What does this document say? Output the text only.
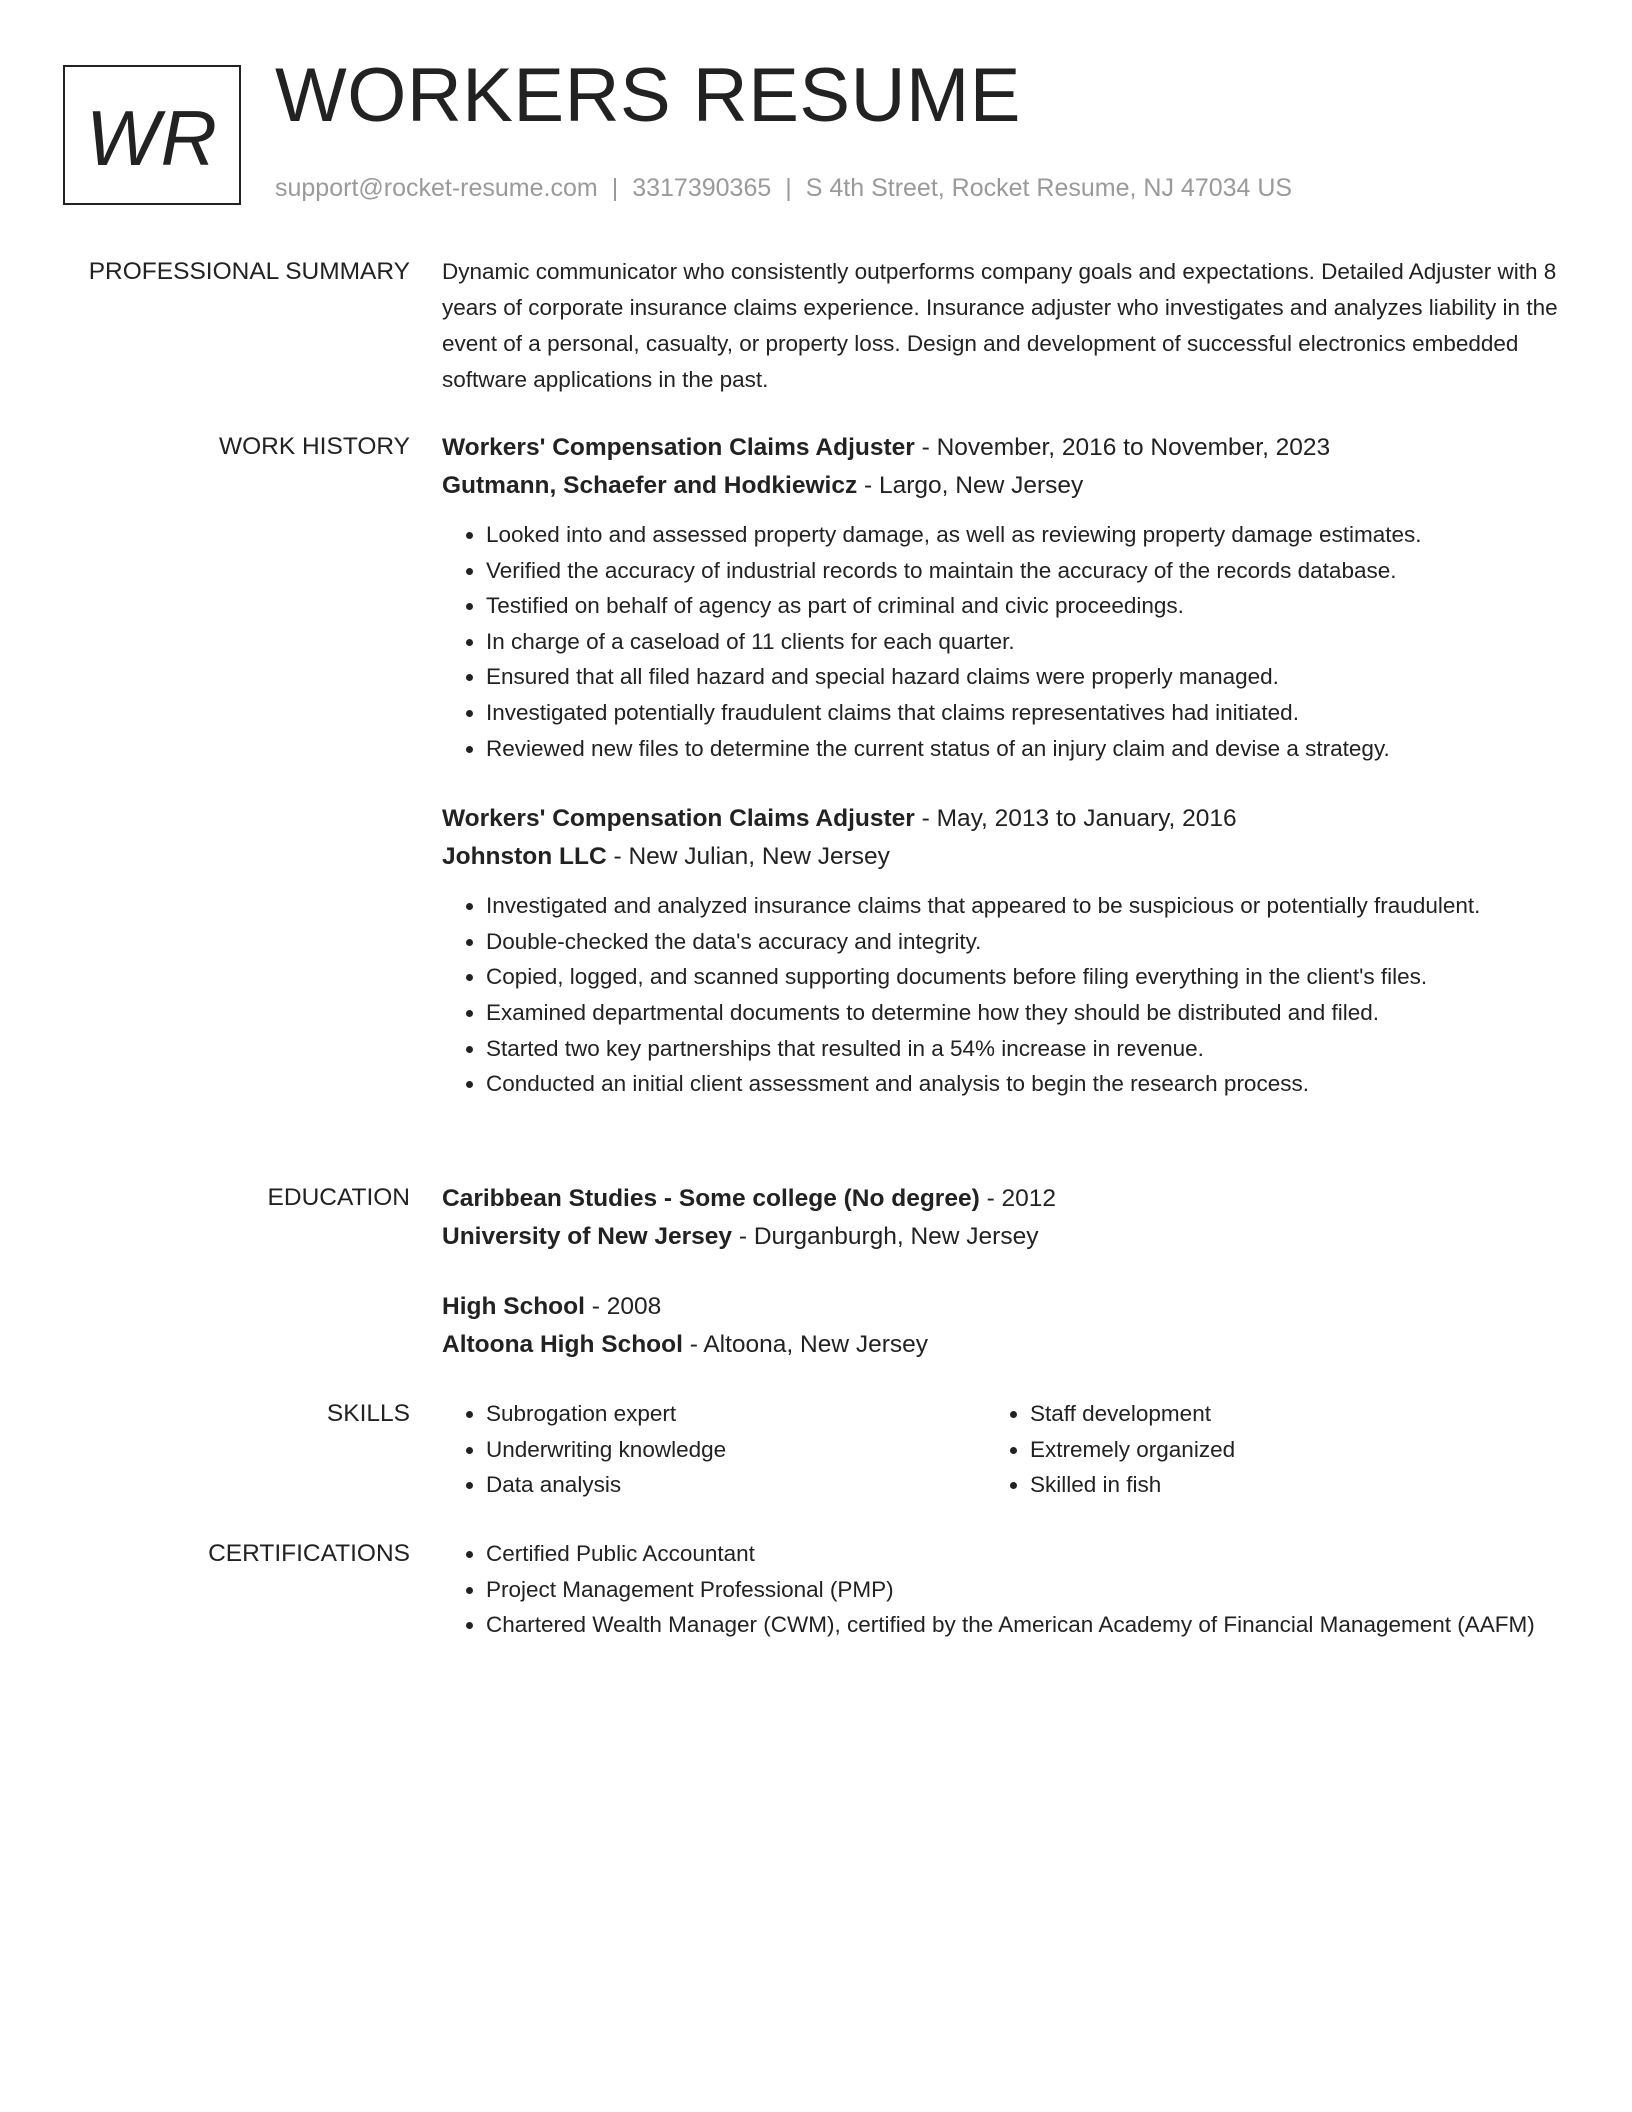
WR WORKERS RESUME
support@rocket-resume.com | 3317390365 | S 4th Street, Rocket Resume, NJ 47034 US
PROFESSIONAL SUMMARY Dynamic communicator who consistently outperforms company goals and expectations. Detailed Adjuster with 8 years of corporate insurance claims experience. Insurance adjuster who investigates and analyzes liability in the event of a personal, casualty, or property loss. Design and development of successful electronics embedded software applications in the past.

WORK HISTORY Workers' Compensation Claims Adjuster - November, 2016 to November, 2023
Gutmann, Schaefer and Hodkiewicz - Largo, New Jersey
• Looked into and assessed property damage, as well as reviewing property damage estimates.
• Verified the accuracy of industrial records to maintain the accuracy of the records database.
• Testified on behalf of agency as part of criminal and civic proceedings.
• In charge of a caseload of 11 clients for each quarter.
• Ensured that all filed hazard and special hazard claims were properly managed.
• Investigated potentially fraudulent claims that claims representatives had initiated.
• Reviewed new files to determine the current status of an injury claim and devise a strategy.
Workers' Compensation Claims Adjuster - May, 2013 to January, 2016
Johnston LLC - New Julian, New Jersey
• Investigated and analyzed insurance claims that appeared to be suspicious or potentially fraudulent.
• Double-checked the data's accuracy and integrity.
• Copied, logged, and scanned supporting documents before filing everything in the client's files.
• Examined departmental documents to determine how they should be distributed and filed.
• Started two key partnerships that resulted in a 54% increase in revenue.
• Conducted an initial client assessment and analysis to begin the research process.
EDUCATION Caribbean Studies - Some college (No degree) - 2012
University of New Jersey - Durganburgh, New Jersey
High School - 2008
Altoona High School - Altoona, New Jersey
SKILLS	• Subrogation expert
• Underwriting knowledge
• Data analysis
• Staff development
• Extremely organized
• Skilled in fish
CERTIFICATIONS	• Certified Public Accountant
• Project Management Professional (PMP)
• Chartered Wealth Manager (CWM), certified by the American Academy of Financial Management (AAFM)
